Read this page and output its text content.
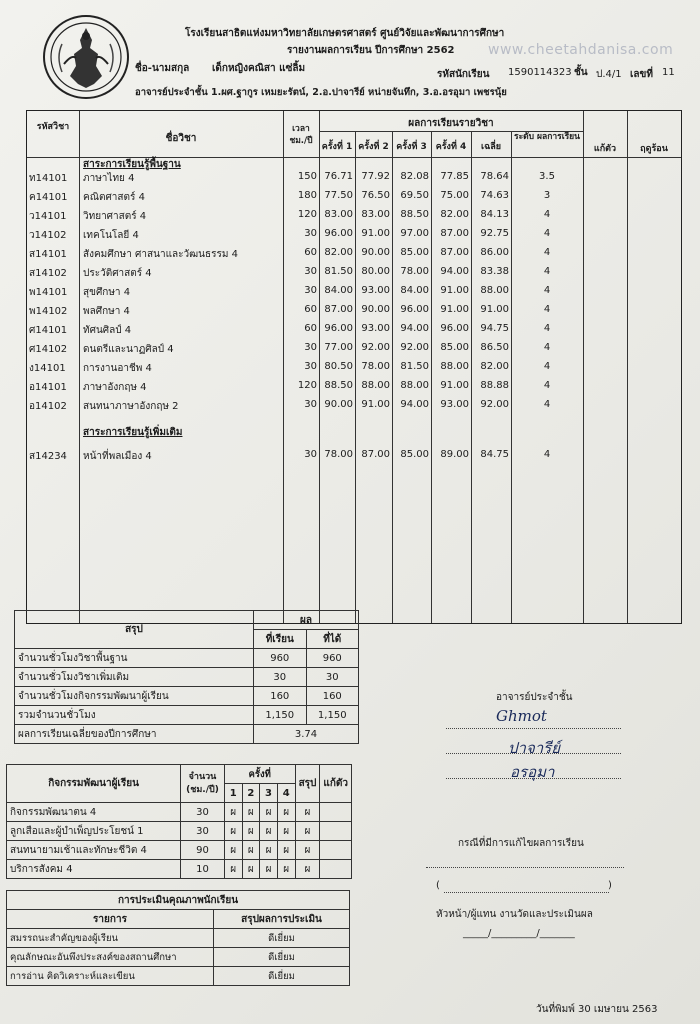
โรงเรียนสาธิตแห่งมหาวิทยาลัยเกษตรศาสตร์ ศูนย์วิจัยและพัฒนาการศึกษา
รายงานผลการเรียน ปีการศึกษา 2562 www.cheetahdanisa.com
ชื่อ-นามสกุล เด็กหญิงคณิสา แซ่ลิ้ม
รหัสนักเรียน 1590114323 ชั้น ป.4/1 เลขที่ 11
อาจารย์ประจำชั้น 1.ผศ.ฐากูร เหมยะรัตน์, 2.อ.ปาจารีย์ หน่ายจันทึก, 3.อ.อรอุมา เพชรนุ้ย
รหัสวิชา
ชื่อวิชา
เวลา ชม./ปี
ผลการเรียนรายวิชา
ครั้งที่ 1 ครั้งที่ 2 ครั้งที่ 3 ครั้งที่ 4	เฉลี่ย
ระดับ ผลการเรียน
แก้ตัว	ฤดูร้อน
สาระการเรียนรู้พื้นฐาน
ท14101	ภาษาไทย 4	150 76.71 77.92	82.08	77.85	78.64	3.5
ค14101	คณิตศาสตร์ 4	180 77.50 76.50	69.50	75.00	74.63	3
ว14101	วิทยาศาสตร์ 4	120 83.00 83.00	88.50	82.00	84.13	4
ว14102	เทคโนโลยี 4	30 96.00 91.00	97.00	87.00	92.75	4
ส14101	สังคมศึกษา ศาสนาและวัฒนธรรม 4	60 82.00 90.00	85.00	87.00	86.00	4
ส14102	ประวัติศาสตร์ 4	30 81.50 80.00	78.00	94.00	83.38	4
พ14101	สุขศึกษา 4	30 84.00 93.00	84.00	91.00	88.00	4
พ14102	พลศึกษา 4	60 87.00 90.00	96.00	91.00	91.00	4
ศ14101	ทัศนศิลป์ 4	60 96.00 93.00	94.00	96.00	94.75	4
ศ14102	ดนตรีและนาฏศิลป์ 4	30 77.00 92.00	92.00	85.00	86.50	4
ง14101	การงานอาชีพ 4	30 80.50 78.00	81.50	88.00	82.00	4
อ14101	ภาษาอังกฤษ 4	120 88.50 88.00	88.00	91.00	88.88	4
อ14102	สนทนาภาษาอังกฤษ 2	30 90.00 91.00	94.00	93.00	92.00	4
สาระการเรียนรู้เพิ่มเติม
ส14234	หน้าที่พลเมือง 4	30 78.00 87.00	85.00	89.00	84.75	4
สรุป	ผล	
	ที่เรียน	ที่ได้
จำนวนชั่วโมงวิชาพื้นฐาน	960	960
จำนวนชั่วโมงวิชาเพิ่มเติม	30	30
จำนวนชั่วโมงกิจกรรมพัฒนาผู้เรียน	160	160
รวมจำนวนชั่วโมง	1,150	1,150
ผลการเรียนเฉลี่ยของปีการศึกษา	3.74	
กิจกรรมพัฒนาผู้เรียน	จำนวน (ชม./ปี)	ครั้งที่				สรุป	แก้ตัว
		1	2	3	4		
กิจกรรมพัฒนาตน 4	30	ผ	ผ	ผ	ผ	ผ	
ลูกเสือและผู้บำเพ็ญประโยชน์ 1	30	ผ	ผ	ผ	ผ	ผ	
สนทนายามเช้าและทักษะชีวิต 4	90	ผ	ผ	ผ	ผ	ผ	
บริการสังคม 4	10	ผ	ผ	ผ	ผ	ผ	
การประเมินคุณภาพนักเรียน	
รายการ	สรุปผลการประเมิน
สมรรถนะสำคัญของผู้เรียน	ดีเยี่ยม
คุณลักษณะอันพึงประสงค์ของสถานศึกษา	ดีเยี่ยม
การอ่าน คิดวิเคราะห์และเขียน	ดีเยี่ยม
อาจารย์ประจำชั้น
Ghmot
ปาจารีย์
อรอุมา
กรณีที่มีการแก้ไขผลการเรียน
(	)
หัวหน้า/ผู้แทน งานวัดและประเมินผล
_____/_________/_______
วันที่พิมพ์ 30 เมษายน 2563
